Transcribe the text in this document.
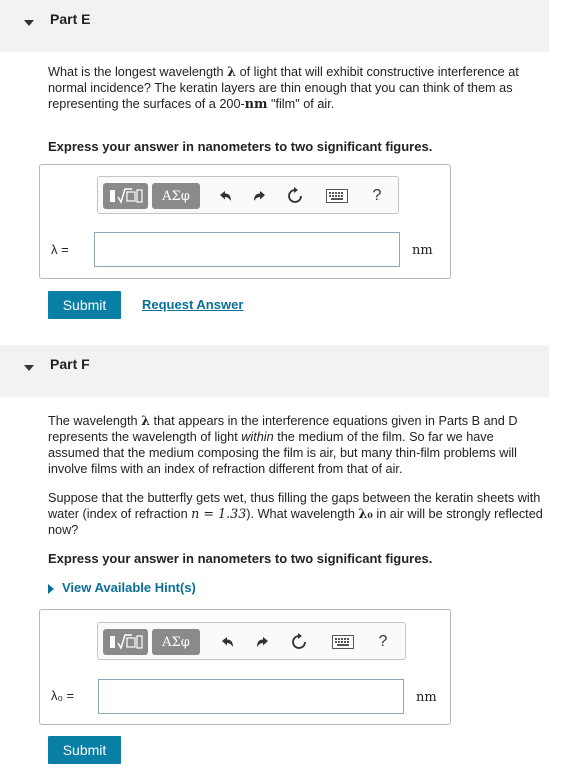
Part E
What is the longest wavelength λ of light that will exhibit constructive interference at normal incidence? The keratin layers are thin enough that you can think of them as representing the surfaces of a 200-nm "film" of air.
Express your answer in nanometers to two significant figures.
ΑΣφ	?
λ =	nm
Submit	Request Answer
Part F
The wavelength λ that appears in the interference equations given in Parts B and D represents the wavelength of light within the medium of the film. So far we have assumed that the medium composing the film is air, but many thin-film problems will involve films with an index of refraction different from that of air.
Suppose that the butterfly gets wet, thus filling the gaps between the keratin sheets with water (index of refraction n = 1.33). What wavelength λ₀ in air will be strongly reflected now?
Express your answer in nanometers to two significant figures.
View Available Hint(s)
ΑΣφ	?
λ₀ =	nm
Submit
